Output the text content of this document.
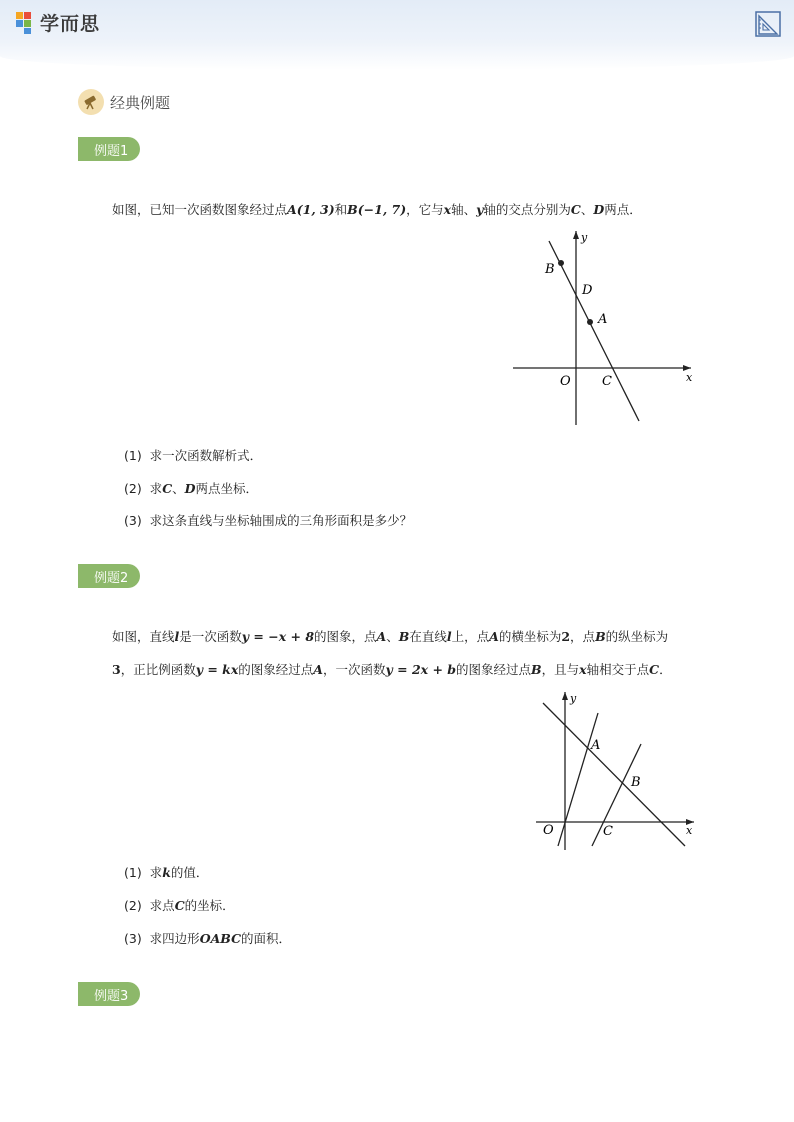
学而思
经典例题
例题1
如图，已知一次函数图象经过点A(1, 3)和B(−1, 7)，它与x轴、y轴的交点分别为C、D两点．
B
D
A
O C	x
y
(1) 求一次函数解析式．
(2) 求C、D两点坐标．
(3) 求这条直线与坐标轴围成的三角形面积是多少？
例题2
如图，直线l是一次函数y = −x + 8的图象，点A、B在直线l上，点A的横坐标为2，点B的纵坐标为
3，正比例函数y = kx的图象经过点A，一次函数y = 2x + b的图象经过点B，且与x轴相交于点C．
A
B
O	C	x
y
(1) 求k的值．
(2) 求点C的坐标．
(3) 求四边形OABC的面积．
例题3
